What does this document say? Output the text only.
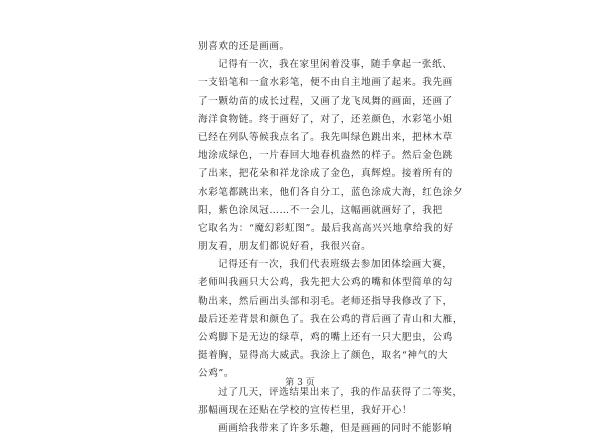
别喜欢的还是画画。
记得有一次，我在家里闲着没事，随手拿起一张纸、
一支铅笔和一盒水彩笔，便不由自主地画了起来。我先画
了一颗幼苗的成长过程，又画了龙飞凤舞的画面，还画了
海洋食物链。终于画好了，对了，还差颜色，水彩笔小姐
已经在列队等候我点名了。我先叫绿色跳出来，把林木草
地涂成绿色，一片春回大地春机盎然的样子。然后金色跳
了出来，把花朵和祥龙涂成了金色，真辉煌。接着所有的
水彩笔都跳出来，他们各自分工，蓝色涂成大海，红色涂夕
阳，紫色涂凤冠……不一会儿，这幅画就画好了，我把
它取名为：“魔幻彩虹图”。最后我高高兴兴地拿给我的好
朋友看，朋友们都说好看，我很兴奋。
记得还有一次，我们代表班级去参加团体绘画大赛，
老师叫我画只大公鸡，我先把大公鸡的嘴和体型简单的勾
勒出来，然后画出头部和羽毛。老师还指导我修改了下，
最后还差背景和颜色了。我在公鸡的背后画了青山和大雁，
公鸡脚下是无边的绿草，鸡的嘴上还有一只大肥虫，公鸡
挺着胸，显得高大威武。我涂上了颜色，取名“神气的大
公鸡”。
过了几天，评选结果出来了，我的作品获得了二等奖，
那幅画现在还贴在学校的宣传栏里，我好开心！
画画给我带来了许多乐趣，但是画画的同时不能影响
第 3 页
